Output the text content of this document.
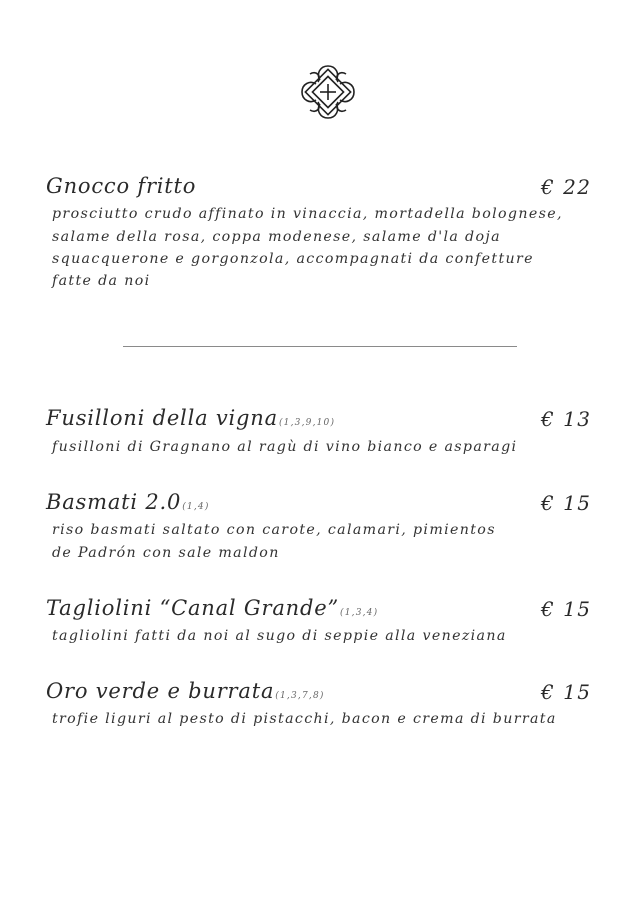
Gnocco fritto	€ 22
prosciutto crudo affinato in vinaccia, mortadella bolognese,
salame della rosa, coppa modenese, salame d'la doja
squacquerone e gorgonzola, accompagnati da confetture
fatte da noi
Fusilloni della vigna(1,3,9,10)	€ 13
fusilloni di Gragnano al ragù di vino bianco e asparagi
Basmati 2.0(1,4)	€ 15
riso basmati saltato con carote, calamari, pimientos
de Padrón con sale maldon
Tagliolini “Canal Grande”(1,3,4)	€ 15
tagliolini fatti da noi al sugo di seppie alla veneziana
Oro verde e burrata(1,3,7,8)	€ 15
trofie liguri al pesto di pistacchi, bacon e crema di burrata
